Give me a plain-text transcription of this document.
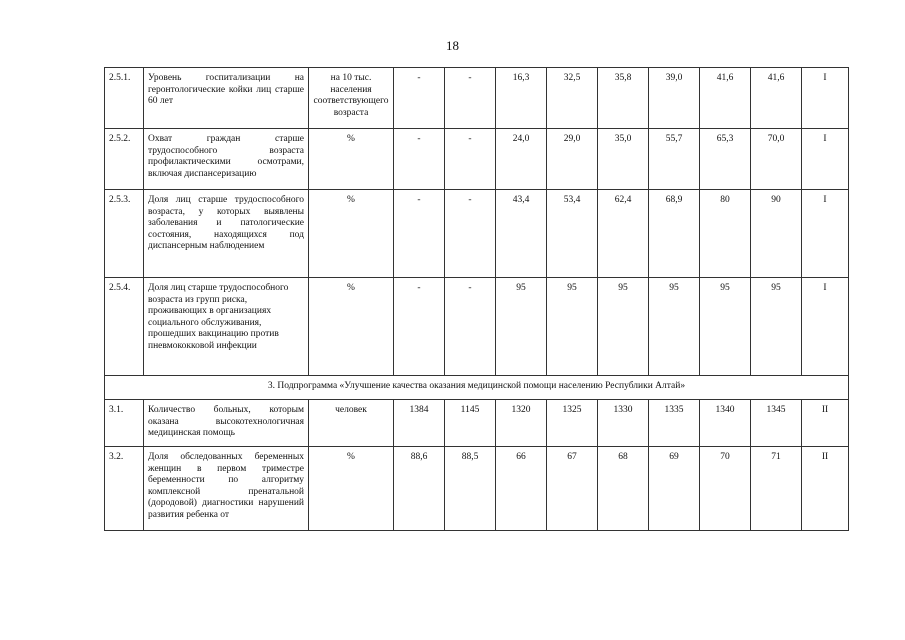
18
2.5.1.	Уровень госпитализации на геронтологические койки лиц старше 60 лет	на 10 тыс. населения соответствующего возраста	-	-	16,3	32,5	35,8	39,0	41,6	41,6	I
2.5.2.	Охват граждан старше трудоспособного возраста профилактическими осмотрами, включая диспансеризацию	%	-	-	24,0	29,0	35,0	55,7	65,3	70,0	I
2.5.3.	Доля лиц старше трудоспособного возраста, у которых выявлены заболевания и патологические состояния, находящихся под диспансерным наблюдением	%	-	-	43,4	53,4	62,4	68,9	80	90	I
2.5.4.	Доля лиц старше трудоспособного возраста из групп риска, проживающих в организациях социального обслуживания, прошедших вакцинацию против пневмококковой инфекции	%	-	-	95	95	95	95	95	95	I
3. Подпрограмма «Улучшение качества оказания медицинской помощи населению Республики Алтай»											
3.1.	Количество больных, которым оказана высокотехнологичная медицинская помощь	человек	1384	1145	1320	1325	1330	1335	1340	1345	II
3.2.	Доля обследованных беременных женщин в первом триместре беременности по алгоритму комплексной пренатальной (дородовой) диагностики нарушений развития ребенка от	%	88,6	88,5	66	67	68	69	70	71	II
